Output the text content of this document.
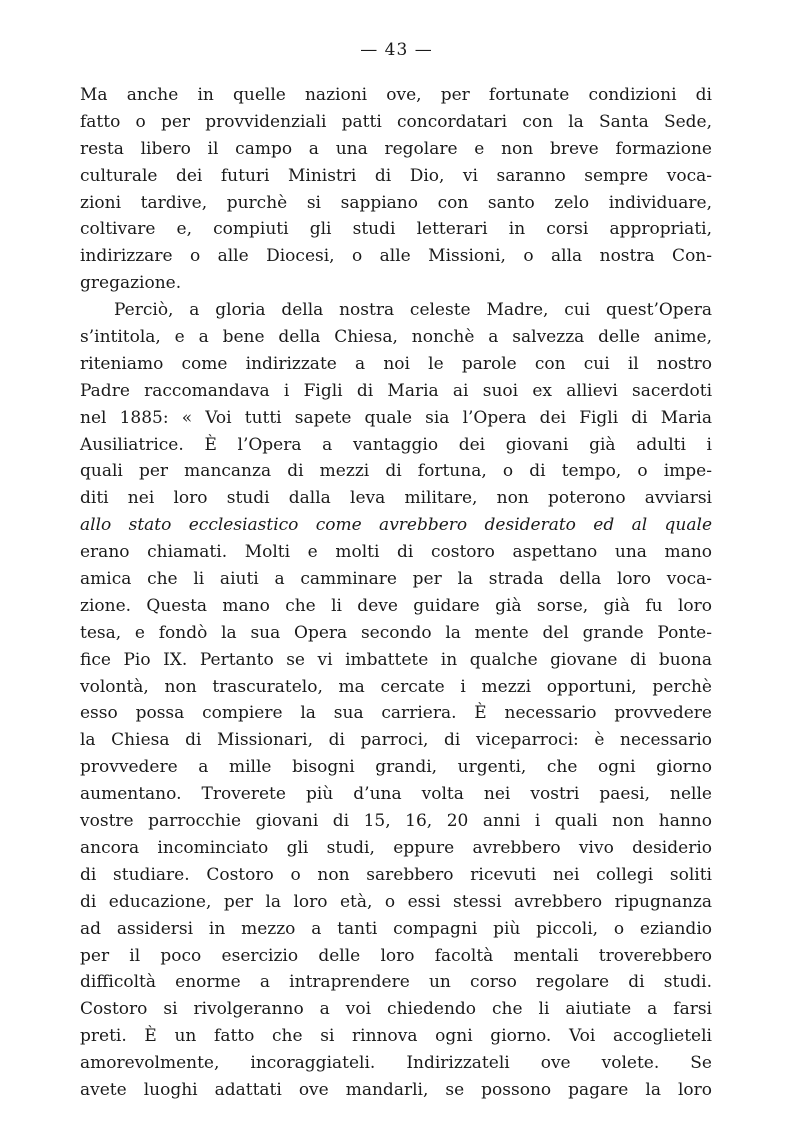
— 43 —
Ma anche in quelle nazioni ove, per fortunate condizioni di
fatto o per provvidenziali patti concordatari con la Santa Sede,
resta libero il campo a una regolare e non breve formazione
culturale dei futuri Ministri di Dio, vi saranno sempre voca-
zioni tardive, purchè si sappiano con santo zelo individuare,
coltivare e, compiuti gli studi letterari in corsi appropriati,
indirizzare o alle Diocesi, o alle Missioni, o alla nostra Con-
gregazione.
Perciò, a gloria della nostra celeste Madre, cui quest’Opera
s’intitola, e a bene della Chiesa, nonchè a salvezza delle anime,
riteniamo come indirizzate a noi le parole con cui il nostro
Padre raccomandava i Figli di Maria ai suoi ex allievi sacerdoti
nel 1885: « Voi tutti sapete quale sia l’Opera dei Figli di Maria
Ausiliatrice. È l’Opera a vantaggio dei giovani già adulti i
quali per mancanza di mezzi di fortuna, o di tempo, o impe-
diti nei loro studi dalla leva militare, non poterono avviarsi
allo stato ecclesiastico come avrebbero desiderato ed al quale
erano chiamati. Molti e molti di costoro aspettano una mano
amica che li aiuti a camminare per la strada della loro voca-
zione. Questa mano che li deve guidare già sorse, già fu loro
tesa, e fondò la sua Opera secondo la mente del grande Ponte-
fice Pio IX. Pertanto se vi imbattete in qualche giovane di buona
volontà, non trascuratelo, ma cercate i mezzi opportuni, perchè
esso possa compiere la sua carriera. È necessario provvedere
la Chiesa di Missionari, di parroci, di viceparroci: è necessario
provvedere a mille bisogni grandi, urgenti, che ogni giorno
aumentano. Troverete più d’una volta nei vostri paesi, nelle
vostre parrocchie giovani di 15, 16, 20 anni i quali non hanno
ancora incominciato gli studi, eppure avrebbero vivo desiderio
di studiare. Costoro o non sarebbero ricevuti nei collegi soliti
di educazione, per la loro età, o essi stessi avrebbero ripugnanza
ad assidersi in mezzo a tanti compagni più piccoli, o eziandio
per il poco esercizio delle loro facoltà mentali troverebbero
difficoltà enorme a intraprendere un corso regolare di studi.
Costoro si rivolgeranno a voi chiedendo che li aiutiate a farsi
preti. È un fatto che si rinnova ogni giorno. Voi accoglieteli
amorevolmente, incoraggiateli. Indirizzateli ove volete. Se
avete luoghi adattati ove mandarli, se possono pagare la loro
